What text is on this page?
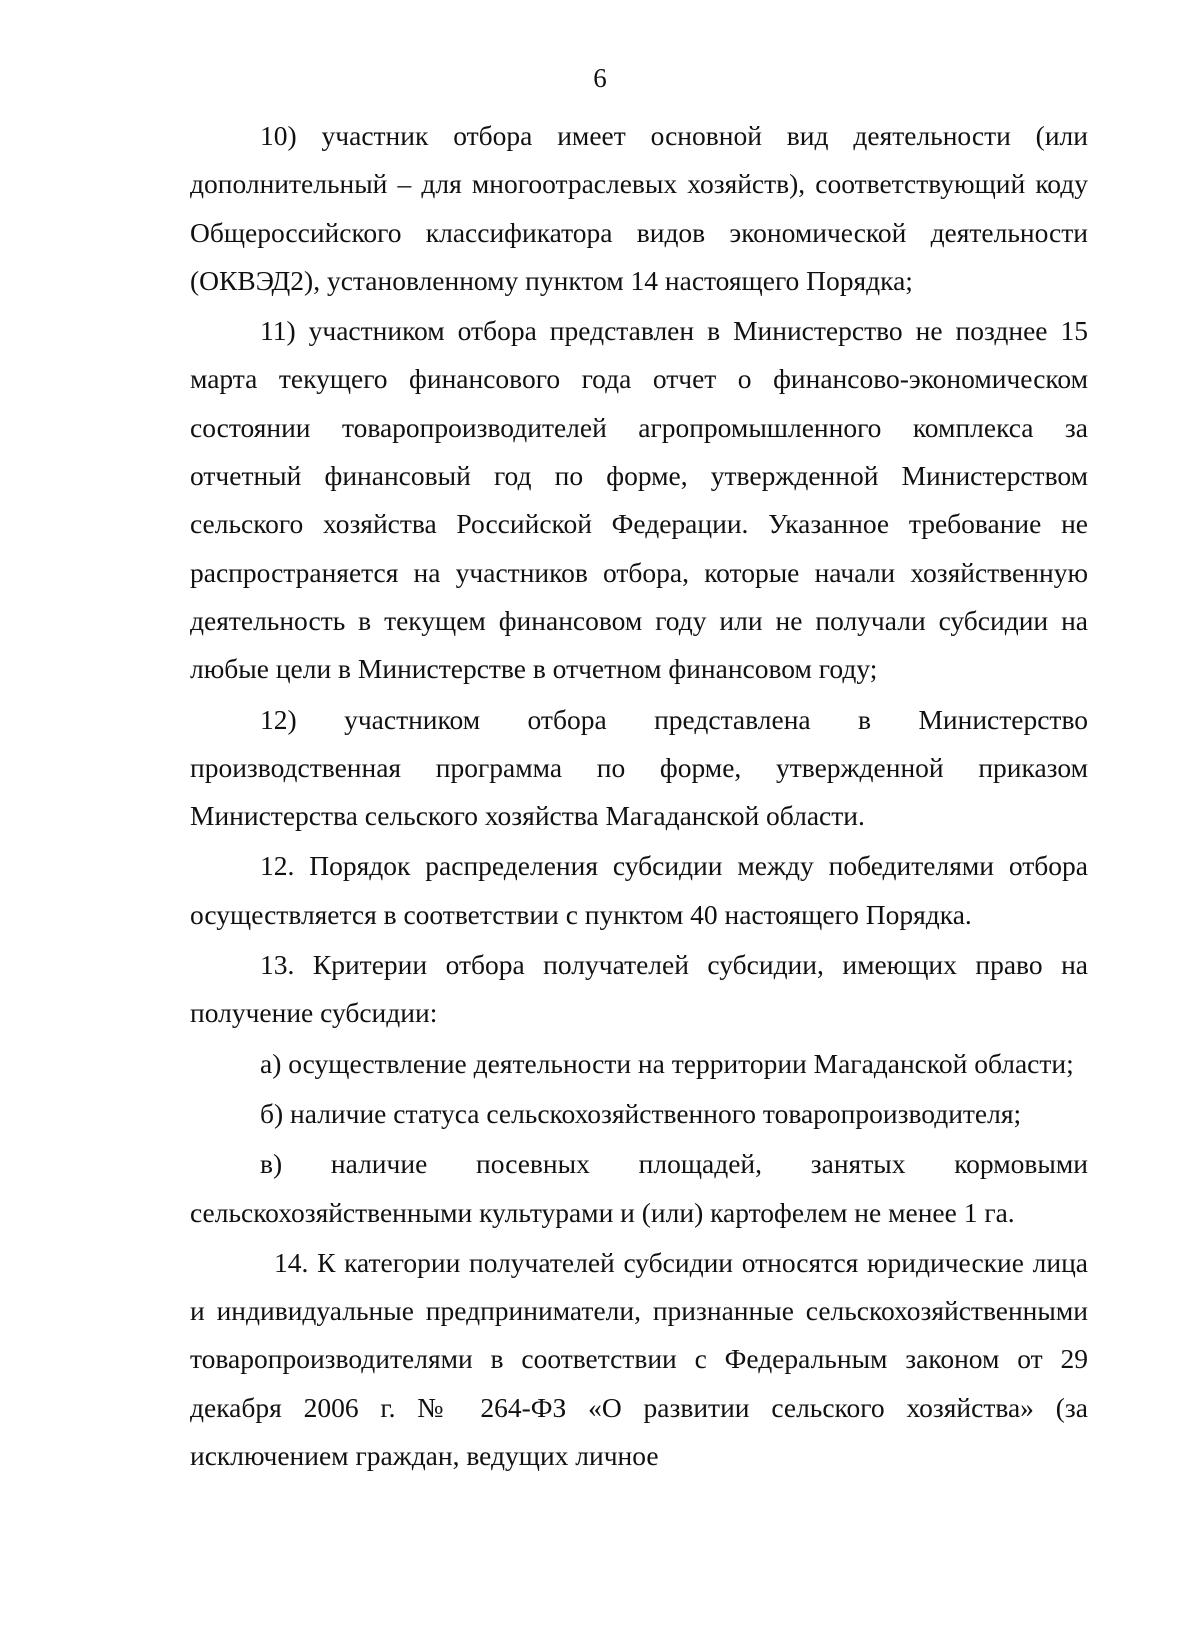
6

10) участник отбора имеет основной вид деятельности (или дополнительный – для многоотраслевых хозяйств), соответствующий коду Общероссийского классификатора видов экономической деятельности (ОКВЭД2), установленному пунктом 14 настоящего Порядка;

11) участником отбора представлен в Министерство не позднее 15 марта текущего финансового года отчет о финансово-экономическом состоянии товаропроизводителей агропромышленного комплекса за отчетный финансовый год по форме, утвержденной Министерством сельского хозяйства Российской Федерации. Указанное требование не распространяется на участников отбора, которые начали хозяйственную деятельность в текущем финансовом году или не получали субсидии на любые цели в Министерстве в отчетном финансовом году;

12) участником отбора представлена в Министерство производственная программа по форме, утвержденной приказом Министерства сельского хозяйства Магаданской области.

12. Порядок распределения субсидии между победителями отбора осуществляется в соответствии с пунктом 40 настоящего Порядка.

13. Критерии отбора получателей субсидии, имеющих право на получение субсидии:

а) осуществление деятельности на территории Магаданской области;

б) наличие статуса сельскохозяйственного товаропроизводителя;

в) наличие посевных площадей, занятых кормовыми сельскохозяйственными культурами и (или) картофелем не менее 1 га.

14. К категории получателей субсидии относятся юридические лица и индивидуальные предприниматели, признанные сельскохозяйственными товаропроизводителями в соответствии с Федеральным законом от 29 декабря 2006 г. № 264-ФЗ «О развитии сельского хозяйства» (за исключением граждан, ведущих личное
